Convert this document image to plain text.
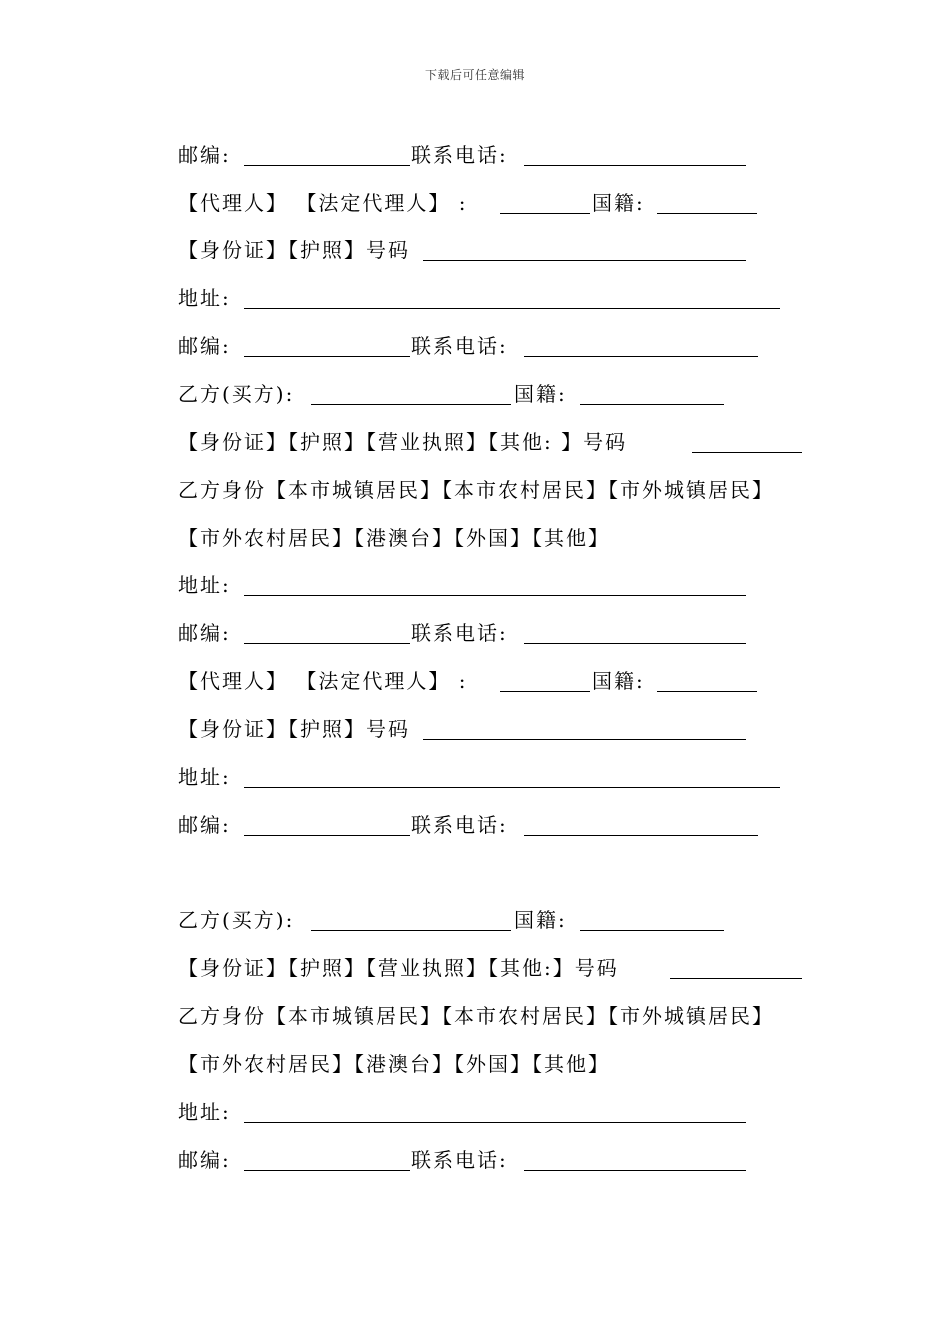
下载后可任意编辑
邮编:	联系电话:
【代理人】 【法定代理人】 :	国籍:
【身份证】【护照】号码
地址:
邮编:	联系电话:
乙方(买方):	国籍:
【身份证】【护照】【营业执照】【其他: 】号码
乙方身份【本市城镇居民】【本市农村居民】【市外城镇居民】
【市外农村居民】【港澳台】【外国】【其他】
地址:
邮编:	联系电话:
【代理人】 【法定代理人】 :	国籍:
【身份证】【护照】号码
地址:
邮编:	联系电话:
乙方(买方):	国籍:
【身份证】【护照】【营业执照】【其他:】号码
乙方身份【本市城镇居民】【本市农村居民】【市外城镇居民】
【市外农村居民】【港澳台】【外国】【其他】
地址:
邮编:	联系电话:
